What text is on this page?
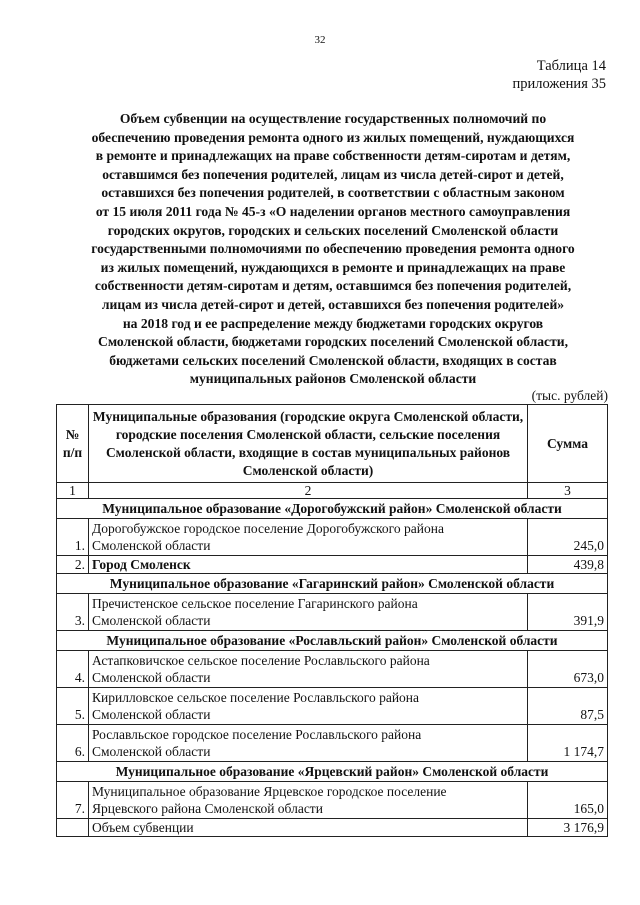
32
Таблица 14
приложения 35
Объем субвенции на осуществление государственных полномочий по
обеспечению проведения ремонта одного из жилых помещений, нуждающихся
в ремонте и принадлежащих на праве собственности детям-сиротам и детям,
оставшимся без попечения родителей, лицам из числа детей-сирот и детей,
оставшихся без попечения родителей, в соответствии с областным законом
от 15 июля 2011 года № 45-з «О наделении органов местного самоуправления
городских округов, городских и сельских поселений Смоленской области
государственными полномочиями по обеспечению проведения ремонта одного
из жилых помещений, нуждающихся в ремонте и принадлежащих на праве
собственности детям-сиротам и детям, оставшимся без попечения родителей,
лицам из числа детей-сирот и детей, оставшихся без попечения родителей»
на 2018 год и ее распределение между бюджетами городских округов
Смоленской области, бюджетами городских поселений Смоленской области,
бюджетами сельских поселений Смоленской области, входящих в состав
муниципальных районов Смоленской области
(тыс. рублей)
№
п/п	Муниципальные образования (городские округа Смоленской области, городские поселения Смоленской области, сельские поселения Смоленской области, входящие в состав муниципальных районов Смоленской области)	Сумма
1	2	3
Муниципальное образование «Дорогобужский район» Смоленской области		
1.	Дорогобужское городское поселение Дорогобужского района
Смоленской области	245,0
2.	Город Смоленск	439,8
Муниципальное образование «Гагаринский район» Смоленской области		
3.	Пречистенское сельское поселение Гагаринского района
Смоленской области	391,9
Муниципальное образование «Рославльский район» Смоленской области		
4.	Астапковичское сельское поселение Рославльского района
Смоленской области	673,0
5.	Кирилловское сельское поселение Рославльского района
Смоленской области	87,5
6.	Рославльское городское поселение Рославльского района
Смоленской области	1 174,7
Муниципальное образование «Ярцевский район» Смоленской области		
7.	Муниципальное образование Ярцевское городское поселение
Ярцевского района Смоленской области	165,0
	Объем субвенции	3 176,9
